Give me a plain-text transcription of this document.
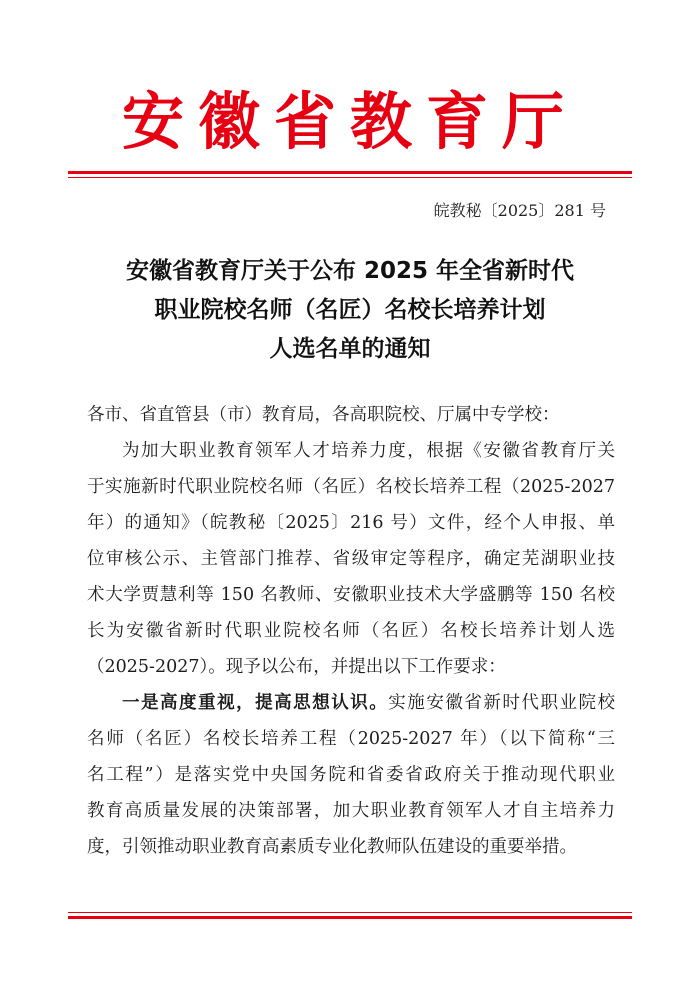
安徽省教育厅
皖教秘〔2025〕281 号
安徽省教育厅关于公布 2025 年全省新时代
职业院校名师（名匠）名校长培养计划
人选名单的通知
各市、省直管县（市）教育局，各高职院校、厅属中专学校：
为加大职业教育领军人才培养力度，根据《安徽省教育厅关
于实施新时代职业院校名师（名匠）名校长培养工程（2025-2027
年）的通知》（皖教秘〔2025〕216 号）文件，经个人申报、单
位审核公示、主管部门推荐、省级审定等程序，确定芜湖职业技
术大学贾慧利等 150 名教师、安徽职业技术大学盛鹏等 150 名校
长为安徽省新时代职业院校名师（名匠）名校长培养计划人选
（2025-2027）。现予以公布，并提出以下工作要求：
一是高度重视，提高思想认识。实施安徽省新时代职业院校
名师（名匠）名校长培养工程（2025-2027 年）（以下简称“三
名工程”）是落实党中央国务院和省委省政府关于推动现代职业
教育高质量发展的决策部署，加大职业教育领军人才自主培养力
度，引领推动职业教育高素质专业化教师队伍建设的重要举措。
